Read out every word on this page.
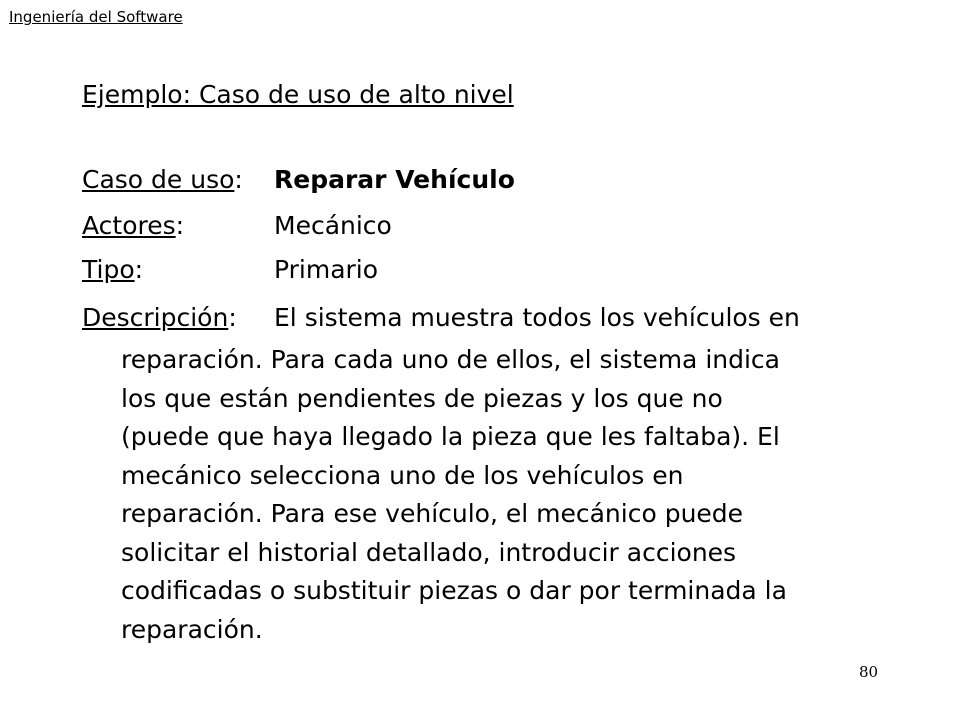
Ingeniería del Software
Ejemplo: Caso de uso de alto nivel
Caso de uso: Reparar Vehículo
Actores:	Mecánico
Tipo:	Primario
Descripción: El sistema muestra todos los vehículos en
reparación. Para cada uno de ellos, el sistema indica
los que están pendientes de piezas y los que no
(puede que haya llegado la pieza que les faltaba). El
mecánico selecciona uno de los vehículos en
reparación. Para ese vehículo, el mecánico puede
solicitar el historial detallado, introducir acciones
codificadas o substituir piezas o dar por terminada la
reparación.
80
